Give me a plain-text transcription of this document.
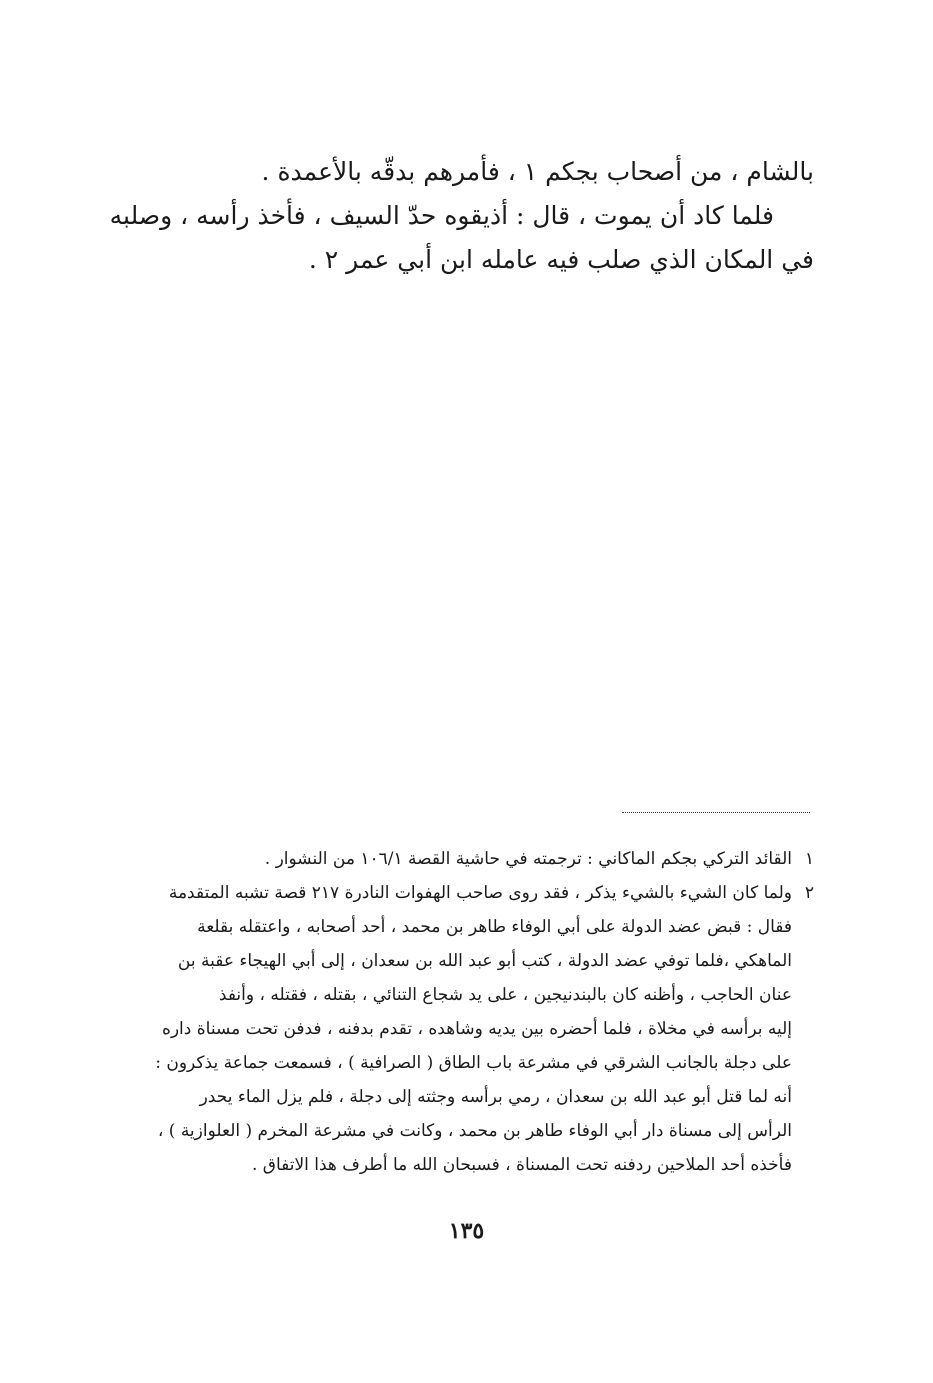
بالشام ، من أصحاب بجكم ١ ، فأمرهم بدقّه بالأعمدة .
فلما كاد أن يموت ، قال : أذيقوه حدّ السيف ، فأخذ رأسه ، وصلبه
في المكان الذي صلب فيه عامله ابن أبي عمر ٢ .
١القائد التركي بجكم الماكاني : ترجمته في حاشية القصة ١٠٦/١ من النشوار .
٢ولما كان الشيء بالشيء يذكر ، فقد روى صاحب الهفوات النادرة ٢١٧ قصة تشبه المتقدمة
فقال : قبض عضد الدولة على أبي الوفاء طاهر بن محمد ، أحد أصحابه ، واعتقله بقلعة
الماهكي ،فلما توفي عضد الدولة ، كتب أبو عبد الله بن سعدان ، إلى أبي الهيجاء عقبة بن
عنان الحاجب ، وأظنه كان بالبندنيجين ، على يد شجاع التنائي ، بقتله ، فقتله ، وأنفذ
إليه برأسه في مخلاة ، فلما أحضره بين يديه وشاهده ، تقدم بدفنه ، فدفن تحت مسناة داره
على دجلة بالجانب الشرقي في مشرعة باب الطاق ( الصرافية ) ، فسمعت جماعة يذكرون :
أنه لما قتل أبو عبد الله بن سعدان ، رمي برأسه وجثته إلى دجلة ، فلم يزل الماء يحدر
الرأس إلى مسناة دار أبي الوفاء طاهر بن محمد ، وكانت في مشرعة المخرم ( العلوازية ) ،
فأخذه أحد الملاحين ردفنه تحت المسناة ، فسبحان الله ما أطرف هذا الاتفاق .
١٣٥
